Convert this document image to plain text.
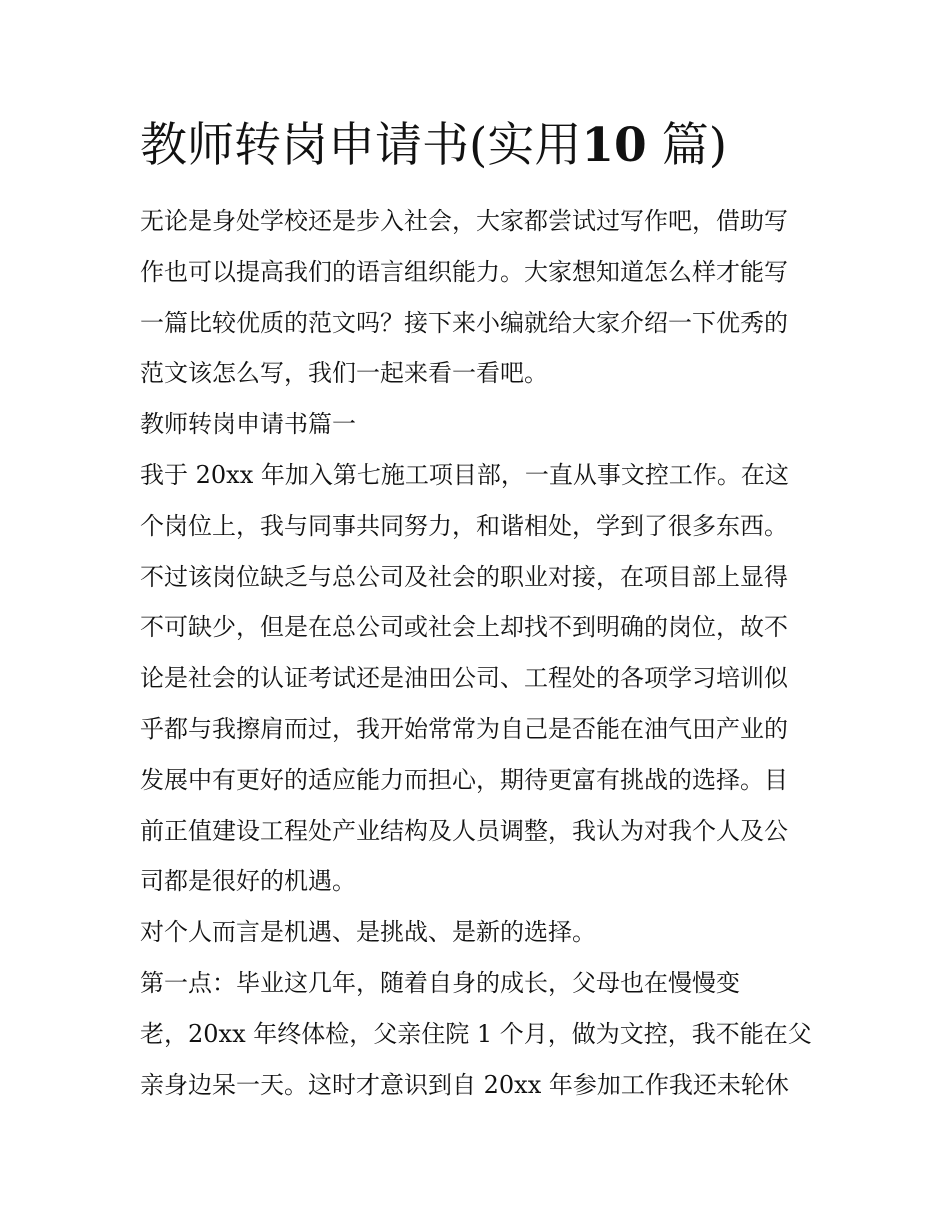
教师转岗申请书(实用10 篇)
无论是身处学校还是步入社会，大家都尝试过写作吧，借助写
作也可以提高我们的语言组织能力。大家想知道怎么样才能写
一篇比较优质的范文吗？接下来小编就给大家介绍一下优秀的
范文该怎么写，我们一起来看一看吧。
教师转岗申请书篇一
我于 20xx 年加入第七施工项目部，一直从事文控工作。在这
个岗位上，我与同事共同努力，和谐相处，学到了很多东西。
不过该岗位缺乏与总公司及社会的职业对接，在项目部上显得
不可缺少，但是在总公司或社会上却找不到明确的岗位，故不
论是社会的认证考试还是油田公司、工程处的各项学习培训似
乎都与我擦肩而过，我开始常常为自己是否能在油气田产业的
发展中有更好的适应能力而担心，期待更富有挑战的选择。目
前正值建设工程处产业结构及人员调整，我认为对我个人及公
司都是很好的机遇。
对个人而言是机遇、是挑战、是新的选择。
第一点：毕业这几年，随着自身的成长，父母也在慢慢变
老，20xx 年终体检，父亲住院 1 个月，做为文控，我不能在父
亲身边呆一天。这时才意识到自 20xx 年参加工作我还未轮休
